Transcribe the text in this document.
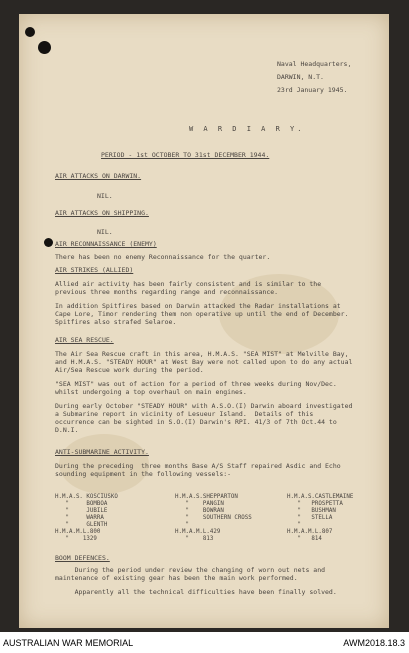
Naval Headquarters,
DARWIN, N.T.
23rd January 1945.
W A R D I A R Y.
PERIOD - 1st OCTOBER TO 31st DECEMBER 1944.
AIR ATTACKS ON DARWIN.
NIL.
AIR ATTACKS ON SHIPPING.
NIL.
AIR RECONNAISSANCE (ENEMY)
There has been no enemy Reconnaissance for the quarter.
AIR STRIKES (ALLIED)
Allied air activity has been fairly consistent and is similar to the
previous three months regarding range and reconnaissance.
In addition Spitfires based on Darwin attacked the Radar installations at
Cape Lore, Timor rendering them non operative up until the end of December.
Spitfires also strafed Selaroe.
AIR SEA RESCUE.
The Air Sea Rescue craft in this area, H.M.A.S. "SEA MIST" at Melville Bay,
and H.M.A.S. "STEADY HOUR" at West Bay were not called upon to do any actual
Air/Sea Rescue work during the period.
"SEA MIST" was out of action for a period of three weeks during Nov/Dec.
whilst undergoing a top overhaul on main engines.
During early October "STEADY HOUR" with A.S.O.(I) Darwin aboard investigated
a Submarine report in vicinity of Lesueur Island.  Details of this
occurrence can be sighted in S.O.(I) Darwin's RPI. 41/3 of 7th Oct.44 to
D.N.I.
ANTI-SUBMARINE ACTIVITY.
During the preceding  three months Base A/S Staff repaired Asdic and Echo
sounding equipment in the following vessels:-
H.M.A.S. KOSCIUSKO
"     BOMBOA
"     JUBILE
"     WARRA
"     GLENTH
H.M.A.M.L.800
"    1329
H.M.A.S.SHEPPARTON
"    PANGIN
"    BOWRAN
"    SOUTHERN CROSS
"
H.M.A.M.L.429
"    813
H.M.A.S.CASTLEMAINE
"   PROSPETTA
"   BUSHMAN
"   STELLA
"
H.M.A.M.L.807
"   814
BOOM DEFENCES.
During the period under review the changing of worn out nets and
maintenance of existing gear has been the main work performed.
Apparently all the technical difficulties have been finally solved.
AUSTRALIAN WAR MEMORIAL	AWM2018.18.3
